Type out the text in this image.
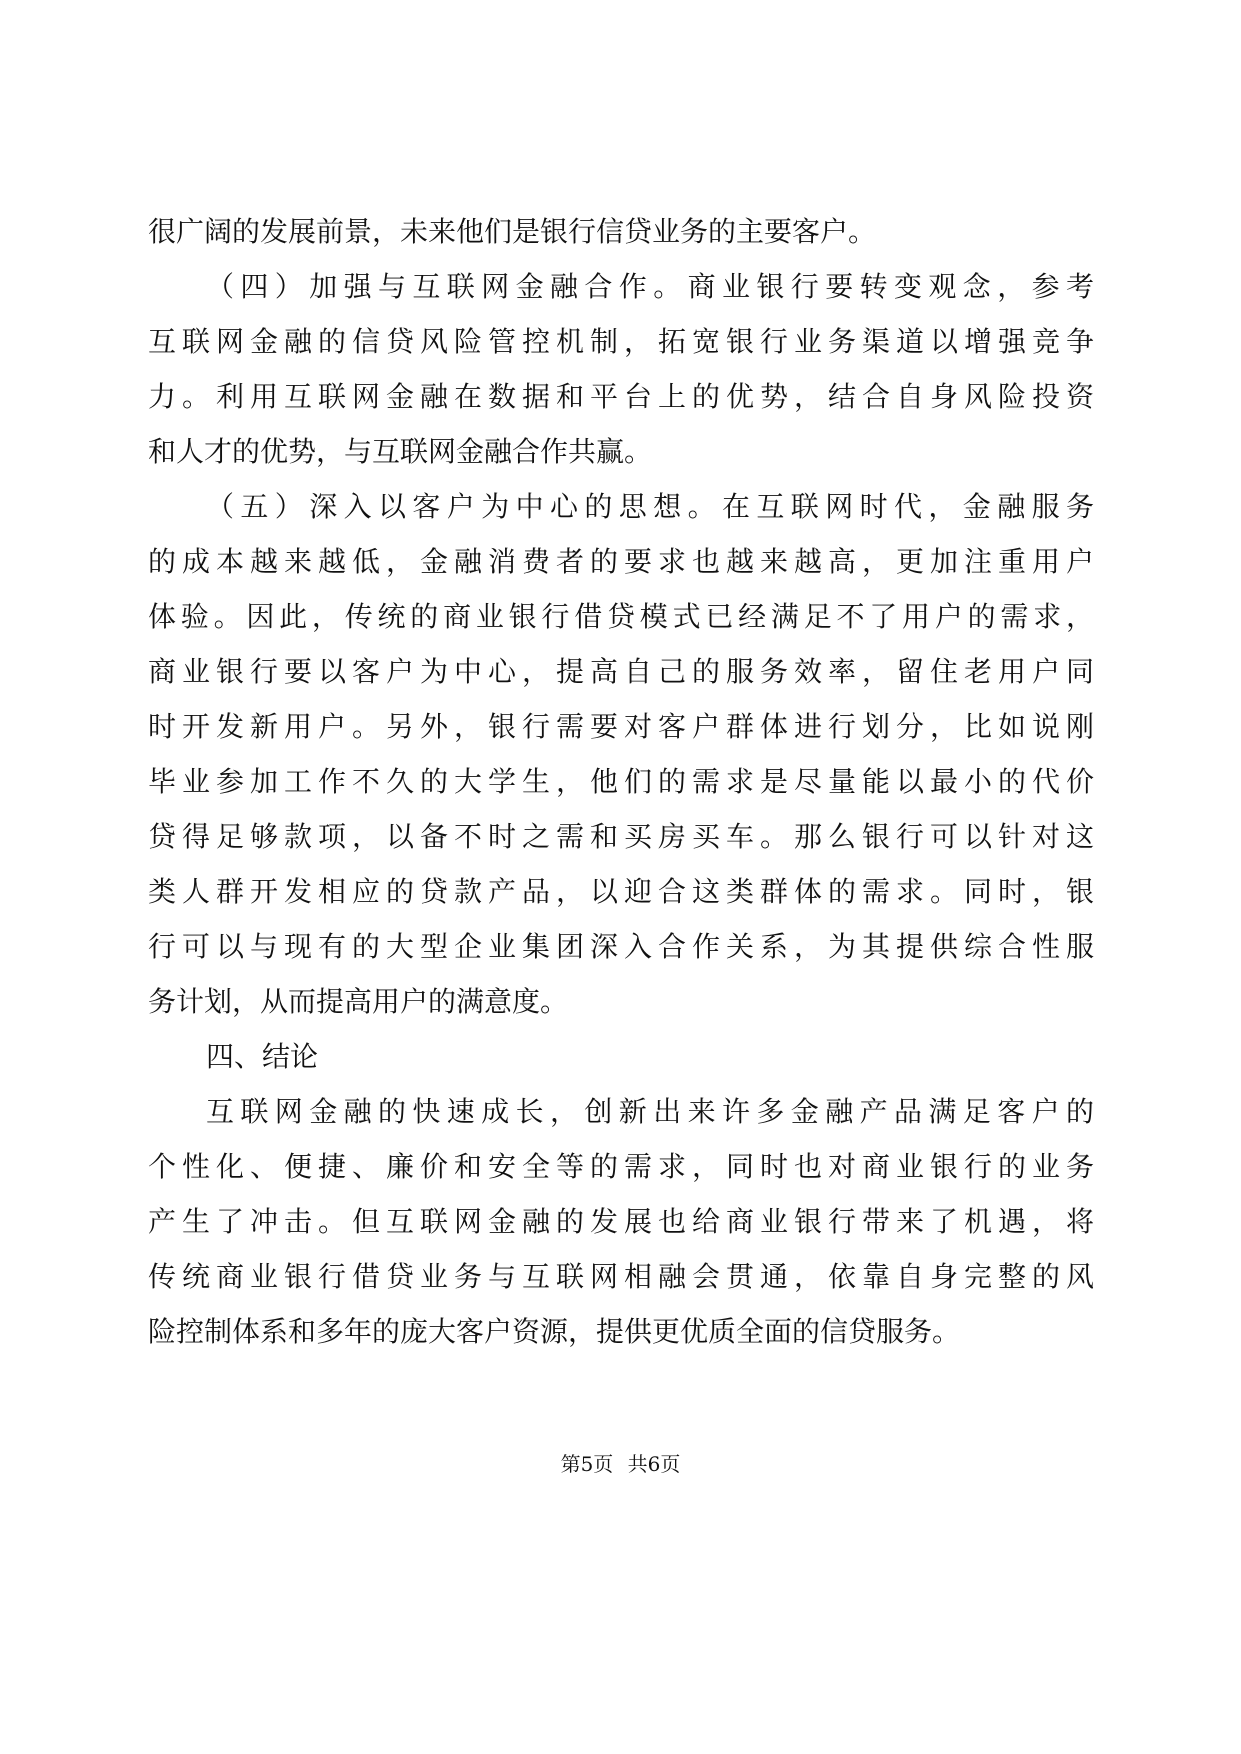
很广阔的发展前景，未来他们是银行信贷业务的主要客户。
（四）加强与互联网金融合作。商业银行要转变观念，参考
互联网金融的信贷风险管控机制，拓宽银行业务渠道以增强竞争
力。利用互联网金融在数据和平台上的优势，结合自身风险投资
和人才的优势，与互联网金融合作共赢。
（五）深入以客户为中心的思想。在互联网时代，金融服务
的成本越来越低，金融消费者的要求也越来越高，更加注重用户
体验。因此，传统的商业银行借贷模式已经满足不了用户的需求，
商业银行要以客户为中心，提高自己的服务效率，留住老用户同
时开发新用户。另外，银行需要对客户群体进行划分，比如说刚
毕业参加工作不久的大学生，他们的需求是尽量能以最小的代价
贷得足够款项，以备不时之需和买房买车。那么银行可以针对这
类人群开发相应的贷款产品，以迎合这类群体的需求。同时，银
行可以与现有的大型企业集团深入合作关系，为其提供综合性服
务计划，从而提高用户的满意度。
四、结论
互联网金融的快速成长，创新出来许多金融产品满足客户的
个性化、便捷、廉价和安全等的需求，同时也对商业银行的业务
产生了冲击。但互联网金融的发展也给商业银行带来了机遇，将
传统商业银行借贷业务与互联网相融会贯通，依靠自身完整的风
险控制体系和多年的庞大客户资源，提供更优质全面的信贷服务。
第5页 共6页
